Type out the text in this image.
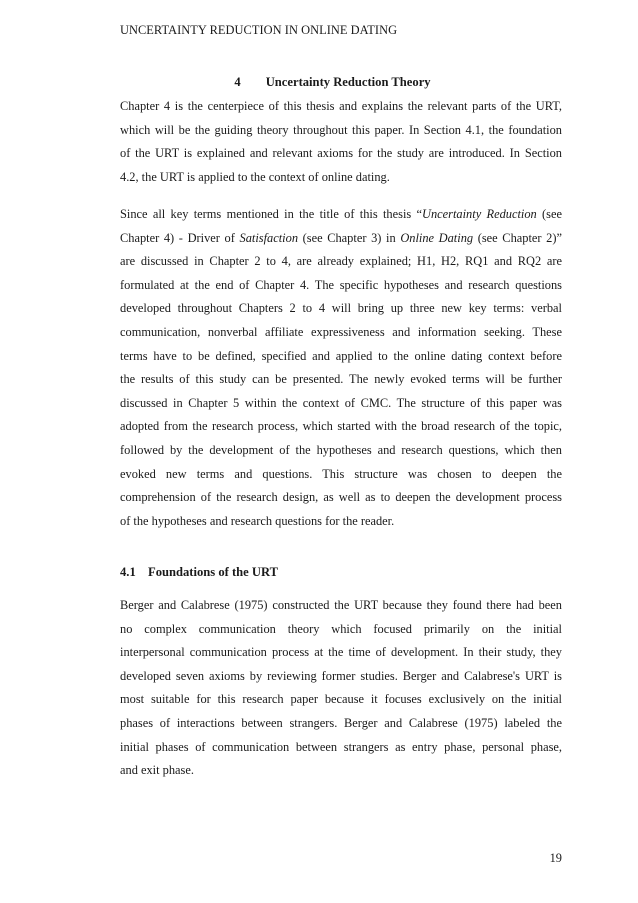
UNCERTAINTY REDUCTION IN ONLINE DATING
4 Uncertainty Reduction Theory
Chapter 4 is the centerpiece of this thesis and explains the relevant parts of the URT,
which will be the guiding theory throughout this paper. In Section 4.1, the foundation
of the URT is explained and relevant axioms for the study are introduced. In Section
4.2, the URT is applied to the context of online dating.
Since all key terms mentioned in the title of this thesis “Uncertainty Reduction (see
Chapter 4) - Driver of Satisfaction (see Chapter 3) in Online Dating (see Chapter 2)”
are discussed in Chapter 2 to 4, are already explained; H1, H2, RQ1 and RQ2 are
formulated at the end of Chapter 4. The specific hypotheses and research questions
developed throughout Chapters 2 to 4 will bring up three new key terms: verbal
communication, nonverbal affiliate expressiveness and information seeking. These
terms have to be defined, specified and applied to the online dating context before
the results of this study can be presented. The newly evoked terms will be further
discussed in Chapter 5 within the context of CMC. The structure of this paper was
adopted from the research process, which started with the broad research of the topic,
followed by the development of the hypotheses and research questions, which then
evoked new terms and questions. This structure was chosen to deepen the
comprehension of the research design, as well as to deepen the development process
of the hypotheses and research questions for the reader.
4.1 Foundations of the URT
Berger and Calabrese (1975) constructed the URT because they found there had been
no complex communication theory which focused primarily on the initial
interpersonal communication process at the time of development. In their study, they
developed seven axioms by reviewing former studies. Berger and Calabrese's URT is
most suitable for this research paper because it focuses exclusively on the initial
phases of interactions between strangers. Berger and Calabrese (1975) labeled the
initial phases of communication between strangers as entry phase, personal phase,
and exit phase.
19
